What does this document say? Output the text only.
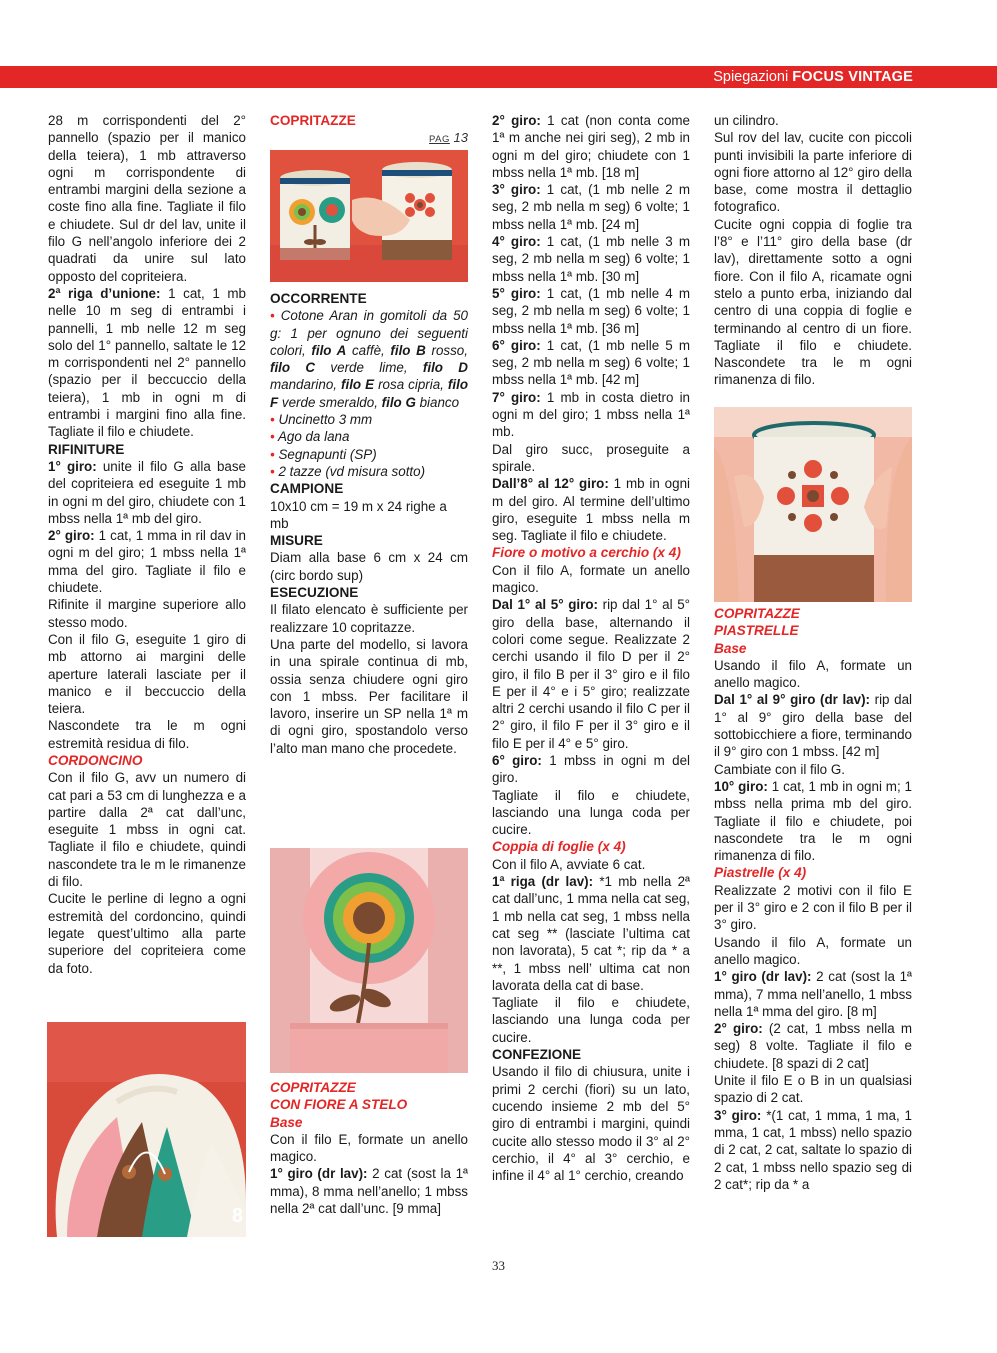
Spiegazioni FOCUS VINTAGE

28 m corrispondenti del 2° pannello (spazio per il manico della teiera), 1 mb attraverso ogni m corrispondente di entrambi margini della sezione a coste fino alla fine. Tagliate il filo e chiudete. Sul dr del lav, unite il filo G nell’angolo inferiore dei 2 quadrati da unire sul lato opposto del copriteiera.

2ª riga d’unione: 1 cat, 1 mb nelle 10 m seg di entrambi i pannelli, 1 mb nelle 12 m seg solo del 1° pannello, saltate le 12 m corrispondenti nel 2° pannello (spazio per il beccuccio della teiera), 1 mb in ogni m di entrambi i margini fino alla fine. Tagliate il filo e chiudete.

RIFINITURE

1° giro: unite il filo G alla base del copriteiera ed eseguite 1 mb in ogni m del giro, chiudete con 1 mbss nella 1ª mb del giro.

2° giro: 1 cat, 1 mma in ril dav in ogni m del giro; 1 mbss nella 1ª mma del giro. Tagliate il filo e chiudete.

Rifinite il margine superiore allo stesso modo.

Con il filo G, eseguite 1 giro di mb attorno ai margini delle aperture laterali lasciate per il manico e il beccuccio della teiera.

Nascondete tra le m ogni estremità residua di filo.

CORDONCINO

Con il filo G, avv un numero di cat pari a 53 cm di lunghezza e a partire dalla 2ª cat dall’unc, eseguite 1 mbss in ogni cat. Tagliate il filo e chiudete, quindi nascondete tra le m le rimanenze di filo.

Cucite le perline di legno a ogni estremità del cordoncino, quindi legate quest’ultimo alla parte superiore del copriteiera come da foto.

8

COPRITAZZE

PAG 13

OCCORRENTE

• Cotone Aran in gomitoli da 50 g: 1 per ognuno dei seguenti colori, filo A caffè, filo B rosso, filo C verde lime, filo D mandarino, filo E rosa cipria, filo F verde smeraldo, filo G bianco

• Uncinetto 3 mm

• Ago da lana

• Segnapunti (SP)

• 2 tazze (vd misura sotto)

CAMPIONE

10x10 cm = 19 m x 24 righe a mb

MISURE

Diam alla base 6 cm x 24 cm (circ bordo sup)

ESECUZIONE

Il filato elencato è sufficiente per realizzare 10 copritazze.

Una parte del modello, si lavora in una spirale continua di mb, ossia senza chiudere ogni giro con 1 mbss. Per facilitare il lavoro, inserire un SP nella 1ª m di ogni giro, spostandolo verso l’alto man mano che procedete.

COPRITAZZE

CON FIORE A STELO

Base

Con il filo E, formate un anello magico.

1° giro (dr lav): 2 cat (sost la 1ª mma), 8 mma nell’anello; 1 mbss nella 2ª cat dall’unc. [9 mma]

2° giro: 1 cat (non conta come 1ª m anche nei giri seg), 2 mb in ogni m del giro; chiudete con 1 mbss nella 1ª mb. [18 m]

3° giro: 1 cat, (1 mb nelle 2 m seg, 2 mb nella m seg) 6 volte; 1 mbss nella 1ª mb. [24 m]

4° giro: 1 cat, (1 mb nelle 3 m seg, 2 mb nella m seg) 6 volte; 1 mbss nella 1ª mb. [30 m]

5° giro: 1 cat, (1 mb nelle 4 m seg, 2 mb nella m seg) 6 volte; 1 mbss nella 1ª mb. [36 m]

6° giro: 1 cat, (1 mb nelle 5 m seg, 2 mb nella m seg) 6 volte; 1 mbss nella 1ª mb. [42 m]

7° giro: 1 mb in costa dietro in ogni m del giro; 1 mbss nella 1ª mb.

Dal giro succ, proseguite a spirale.

Dall’8° al 12° giro: 1 mb in ogni m del giro. Al termine dell’ultimo giro, eseguite 1 mbss nella m seg. Tagliate il filo e chiudete.

Fiore o motivo a cerchio (x 4)

Con il filo A, formate un anello magico.

Dal 1° al 5° giro: rip dal 1° al 5° giro della base, alternando il colori come segue. Realizzate 2 cerchi usando il filo D per il 2° giro, il filo B per il 3° giro e il filo E per il 4° e i 5° giro; realizzate altri 2 cerchi usando il filo C per il 2° giro, il filo F per il 3° giro e il filo E per il 4° e 5° giro.

6° giro: 1 mbss in ogni m del giro.

Tagliate il filo e chiudete, lasciando una lunga coda per cucire.

Coppia di foglie (x 4)

Con il filo A, avviate 6 cat.

1ª riga (dr lav): *1 mb nella 2ª cat dall’unc, 1 mma nella cat seg, 1 mb nella cat seg, 1 mbss nella cat seg ** (lasciate l’ultima cat non lavorata), 5 cat *; rip da * a **, 1 mbss nell’ ultima cat non lavorata della cat di base.

Tagliate il filo e chiudete, lasciando una lunga coda per cucire.

CONFEZIONE

Usando il filo di chiusura, unite i primi 2 cerchi (fiori) su un lato, cucendo insieme 2 mb del 5° giro di entrambi i margini, quindi cucite allo stesso modo il 3° al 2° cerchio, il 4° al 3° cerchio, e infine il 4° al 1° cerchio, creando

un cilindro.

Sul rov del lav, cucite con piccoli punti invisibili la parte inferiore di ogni fiore attorno al 12° giro della base, come mostra il dettaglio fotografico.

Cucite ogni coppia di foglie tra l’8° e l’11° giro della base (dr lav), direttamente sotto a ogni fiore. Con il filo A, ricamate ogni stelo a punto erba, iniziando dal centro di una coppia di foglie e terminando al centro di un fiore. Tagliate il filo e chiudete. Nascondete tra le m ogni rimanenza di filo.

COPRITAZZE

PIASTRELLE

Base

Usando il filo A, formate un anello magico.

Dal 1° al 9° giro (dr lav): rip dal 1° al 9° giro della base del sottobicchiere a fiore, terminando il 9° giro con 1 mbss. [42 m]

Cambiate con il filo G.

10° giro: 1 cat, 1 mb in ogni m; 1 mbss nella prima mb del giro. Tagliate il filo e chiudete, poi nascondete tra le m ogni rimanenza di filo.

Piastrelle (x 4)

Realizzate 2 motivi con il filo E per il 3° giro e 2 con il filo B per il 3° giro.

Usando il filo A, formate un anello magico.

1° giro (dr lav): 2 cat (sost la 1ª mma), 7 mma nell’anello, 1 mbss nella 1ª mma del giro. [8 m]

2° giro: (2 cat, 1 mbss nella m seg) 8 volte. Tagliate il filo e chiudete. [8 spazi di 2 cat]

Unite il filo E o B in un qualsiasi spazio di 2 cat.

3° giro: *(1 cat, 1 mma, 1 ma, 1 mma, 1 cat, 1 mbss) nello spazio di 2 cat, 2 cat, saltate lo spazio di 2 cat, 1 mbss nello spazio seg di 2 cat*; rip da * a

33
